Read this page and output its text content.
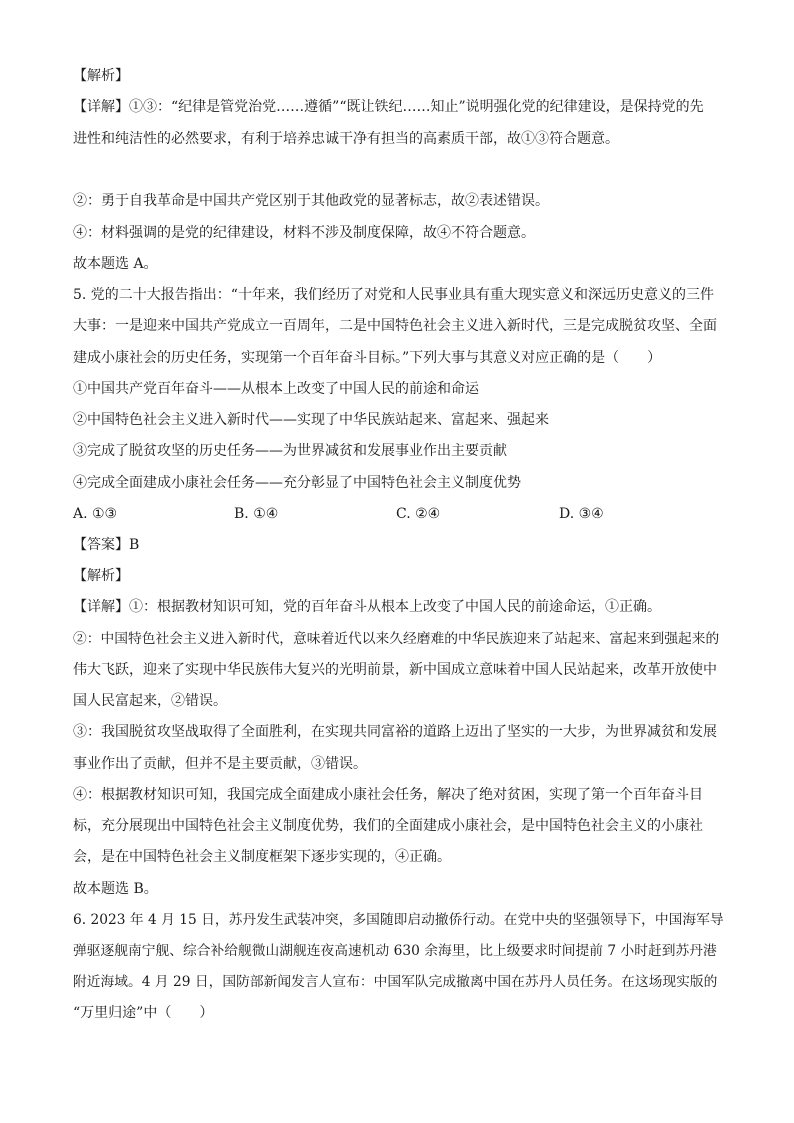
【解析】
【详解】①③：“纪律是管党治党……遵循”“既让铁纪……知止”说明强化党的纪律建设，是保持党的先
进性和纯洁性的必然要求，有利于培养忠诚干净有担当的高素质干部，故①③符合题意。
②：勇于自我革命是中国共产党区别于其他政党的显著标志，故②表述错误。
④：材料强调的是党的纪律建设，材料不涉及制度保障，故④不符合题意。
故本题选 A。
5. 党的二十大报告指出：“十年来，我们经历了对党和人民事业具有重大现实意义和深远历史意义的三件
大事：一是迎来中国共产党成立一百周年，二是中国特色社会主义进入新时代，三是完成脱贫攻坚、全面
建成小康社会的历史任务，实现第一个百年奋斗目标。”下列大事与其意义对应正确的是（　　）
①中国共产党百年奋斗——从根本上改变了中国人民的前途和命运
②中国特色社会主义进入新时代——实现了中华民族站起来、富起来、强起来
③完成了脱贫攻坚的历史任务——为世界减贫和发展事业作出主要贡献
④完成全面建成小康社会任务——充分彰显了中国特色社会主义制度优势
A. ①③	B. ①④	C. ②④	D. ③④
【答案】B
【解析】
【详解】①：根据教材知识可知，党的百年奋斗从根本上改变了中国人民的前途命运，①正确。
②：中国特色社会主义进入新时代，意味着近代以来久经磨难的中华民族迎来了站起来、富起来到强起来的
伟大飞跃，迎来了实现中华民族伟大复兴的光明前景，新中国成立意味着中国人民站起来，改革开放使中
国人民富起来，②错误。
③：我国脱贫攻坚战取得了全面胜利，在实现共同富裕的道路上迈出了坚实的一大步，为世界减贫和发展
事业作出了贡献，但并不是主要贡献，③错误。
④：根据教材知识可知，我国完成全面建成小康社会任务，解决了绝对贫困，实现了第一个百年奋斗目
标，充分展现出中国特色社会主义制度优势，我们的全面建成小康社会，是中国特色社会主义的小康社
会，是在中国特色社会主义制度框架下逐步实现的，④正确。
故本题选 B。
6. 2023 年 4 月 15 日，苏丹发生武装冲突，多国随即启动撤侨行动。在党中央的坚强领导下，中国海军导
弹驱逐舰南宁舰、综合补给舰微山湖舰连夜高速机动 630 余海里，比上级要求时间提前 7 小时赶到苏丹港
附近海域。4 月 29 日，国防部新闻发言人宣布：中国军队完成撤离中国在苏丹人员任务。在这场现实版的
“万里归途”中（　　）
